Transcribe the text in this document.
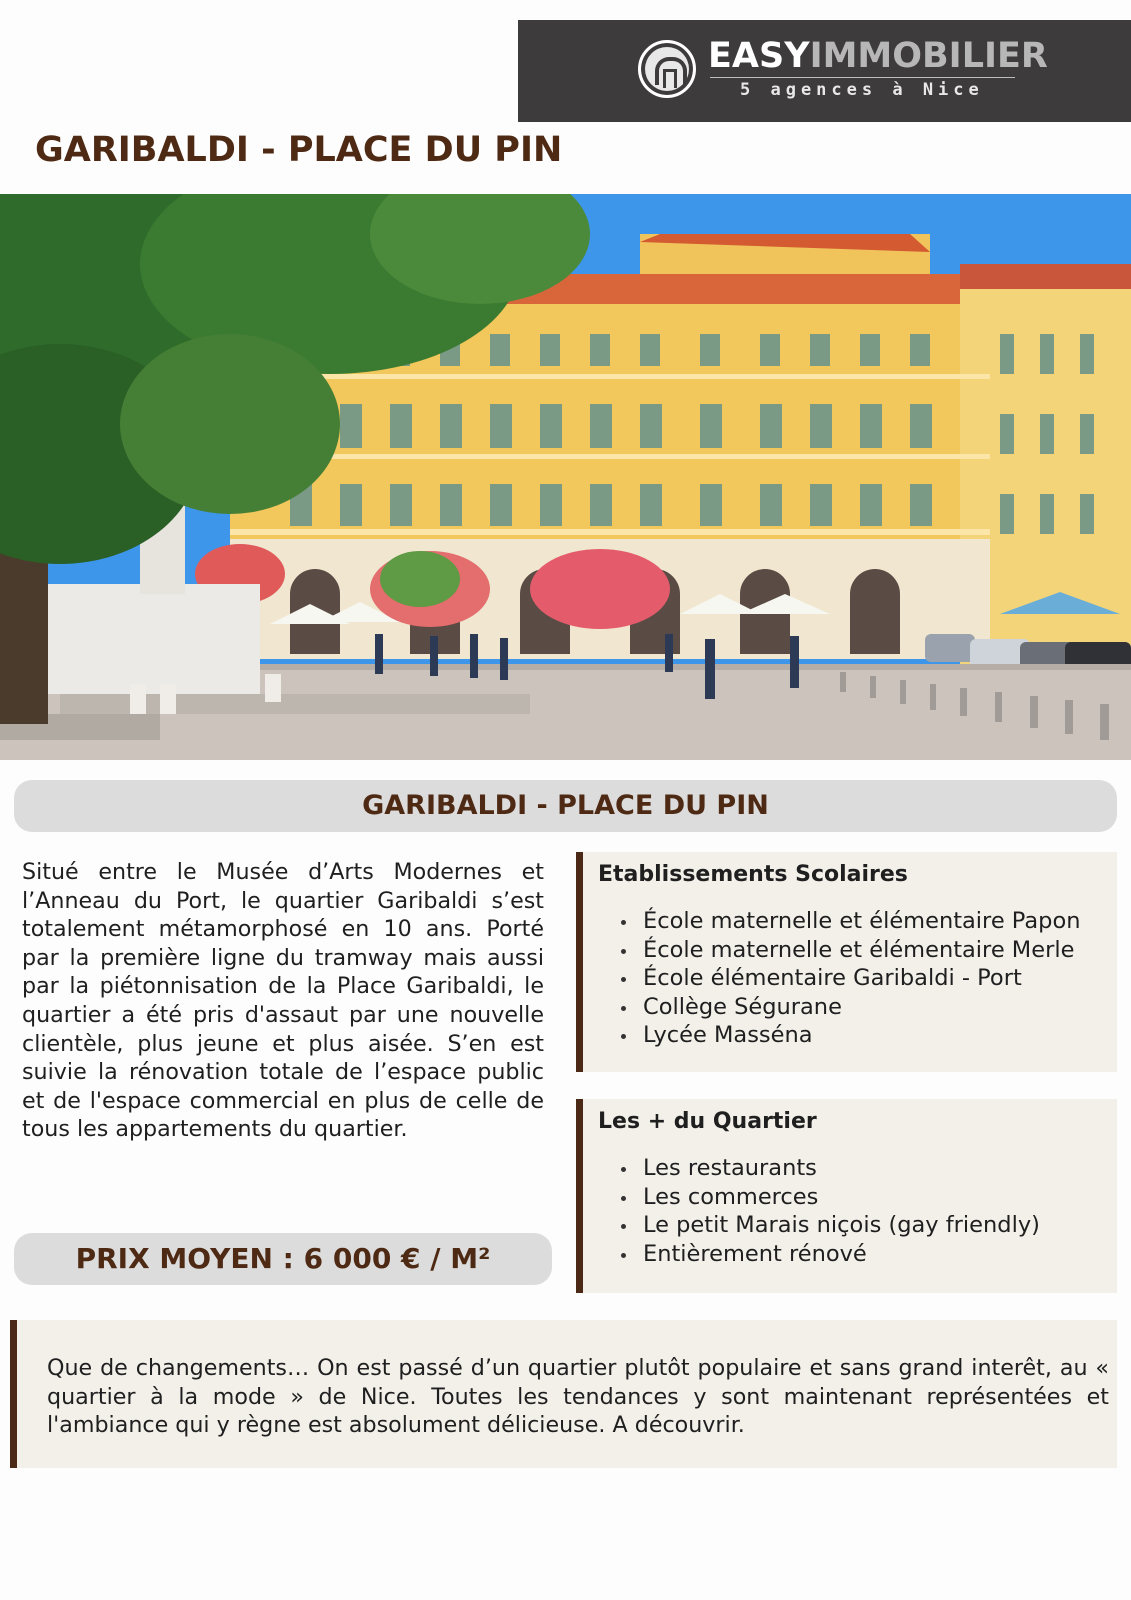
EASYIMMOBILIER
5 agences à Nice
GARIBALDI - PLACE DU PIN
GARIBALDI - PLACE DU PIN

Situé entre le Musée d’Arts Modernes et l’Anneau du Port, le quartier Garibaldi s’est totalement métamorphosé en 10 ans. Porté par la première ligne du tramway mais aussi par la piétonnisation de la Place Garibaldi, le quartier a été pris d'assaut par une nouvelle clientèle, plus jeune et plus aisée. S’en est suivie la rénovation totale de l’espace public et de l'espace commercial en plus de celle de tous les appartements du quartier.

PRIX MOYEN : 6 000 € / M²
Etablissements Scolaires
École maternelle et élémentaire Papon
École maternelle et élémentaire Merle
École élémentaire Garibaldi - Port
Collège Ségurane
Lycée Masséna
Les + du Quartier
Les restaurants
Les commerces
Le petit Marais niçois (gay friendly)
Entièrement rénové

Que de changements… On est passé d’un quartier plutôt populaire et sans grand interêt, au « quartier à la mode » de Nice. Toutes les tendances y sont maintenant représentées et l'ambiance qui y règne est absolument délicieuse. A découvrir.
